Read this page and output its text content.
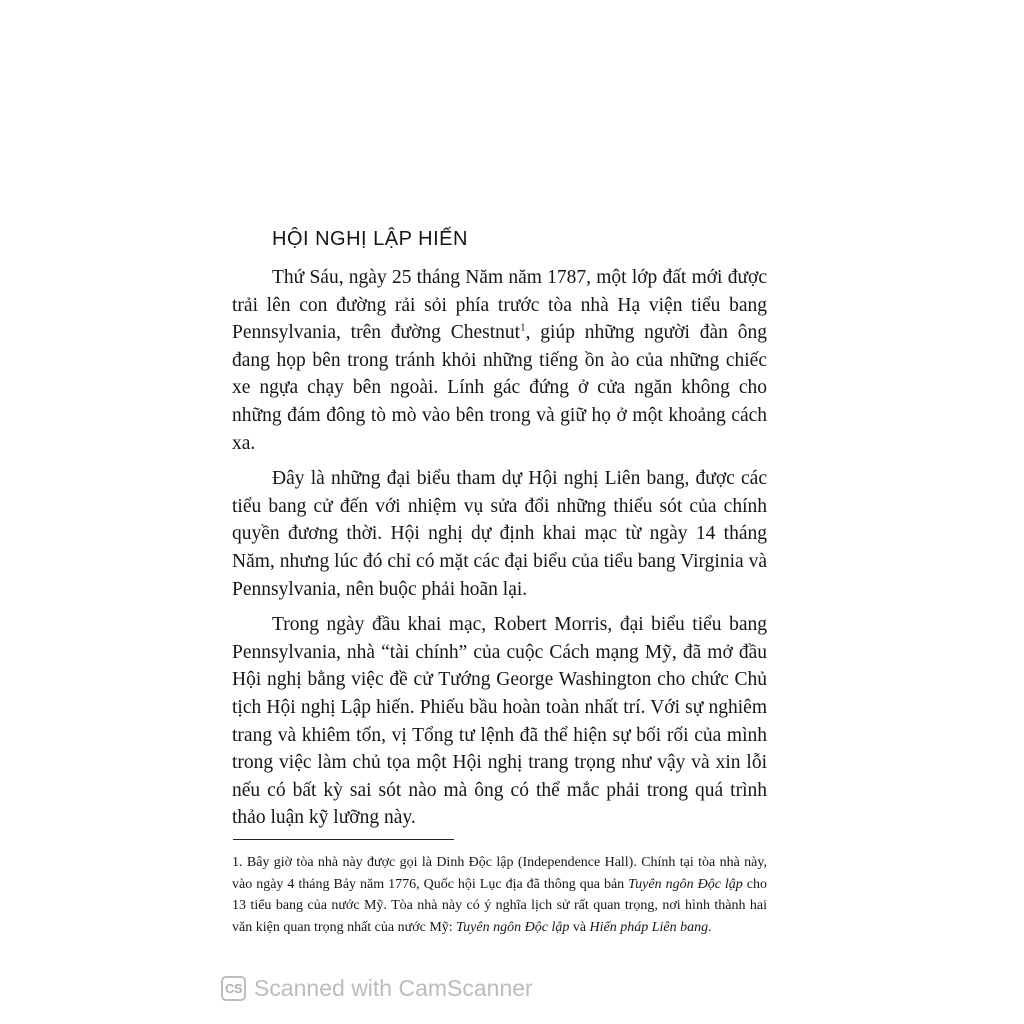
HỘI NGHỊ LẬP HIẾN

Thứ Sáu, ngày 25 tháng Năm năm 1787, một lớp đất mới được trải lên con đường rải sỏi phía trước tòa nhà Hạ viện tiểu bang Pennsylvania, trên đường Chestnut$^1$, giúp những người đàn ông đang họp bên trong tránh khỏi những tiếng ồn ào của những chiếc xe ngựa chạy bên ngoài. Lính gác đứng ở cửa ngăn không cho những đám đông tò mò vào bên trong và giữ họ ở một khoảng cách xa.

Đây là những đại biểu tham dự Hội nghị Liên bang, được các tiểu bang cử đến với nhiệm vụ sửa đổi những thiếu sót của chính quyền đương thời. Hội nghị dự định khai mạc từ ngày 14 tháng Năm, nhưng lúc đó chỉ có mặt các đại biểu của tiểu bang Virginia và Pennsylvania, nên buộc phải hoãn lại.

Trong ngày đầu khai mạc, Robert Morris, đại biểu tiểu bang Pennsylvania, nhà “tài chính” của cuộc Cách mạng Mỹ, đã mở đầu Hội nghị bằng việc đề cử Tướng George Washington cho chức Chủ tịch Hội nghị Lập hiến. Phiếu bầu hoàn toàn nhất trí. Với sự nghiêm trang và khiêm tốn, vị Tổng tư lệnh đã thể hiện sự bối rối của mình trong việc làm chủ tọa một Hội nghị trang trọng như vậy và xin lỗi nếu có bất kỳ sai sót nào mà ông có thể mắc phải trong quá trình thảo luận kỹ lưỡng này.

1. Bây giờ tòa nhà này được gọi là Dinh Độc lập (Independence Hall). Chính tại tòa nhà này, vào ngày 4 tháng Bảy năm 1776, Quốc hội Lục địa đã thông qua bản Tuyên ngôn Độc lập cho 13 tiểu bang của nước Mỹ. Tòa nhà này có ý nghĩa lịch sử rất quan trọng, nơi hình thành hai văn kiện quan trọng nhất của nước Mỹ: Tuyên ngôn Độc lập và Hiến pháp Liên bang.

CS Scanned with CamScanner
